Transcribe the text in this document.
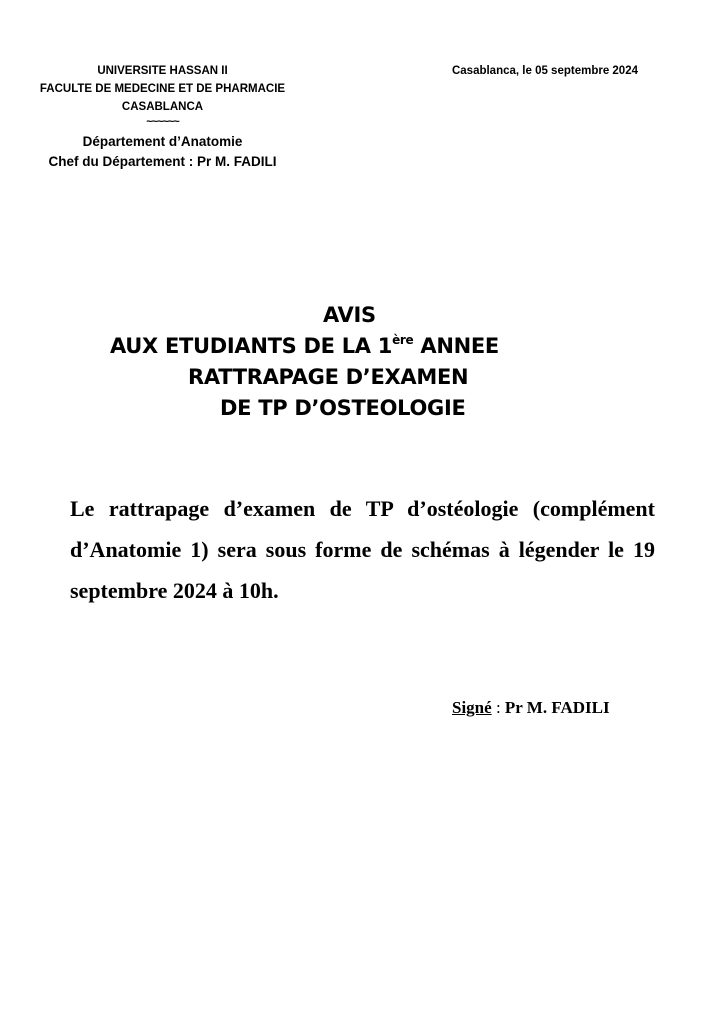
UNIVERSITE HASSAN II
FACULTE DE MEDECINE ET DE PHARMACIE
CASABLANCA
~~~~~~
Département d’Anatomie
Chef du Département : Pr M. FADILI
Casablanca, le 05 septembre 2024
AVIS
AUX ETUDIANTS DE LA 1ère ANNEE
RATTRAPAGE D’EXAMEN
DE TP D’OSTEOLOGIE
Le rattrapage d’examen de TP d’ostéologie (complément d’Anatomie 1) sera sous forme de schémas à légender le 19 septembre 2024 à 10h.
Signé : Pr M. FADILI
